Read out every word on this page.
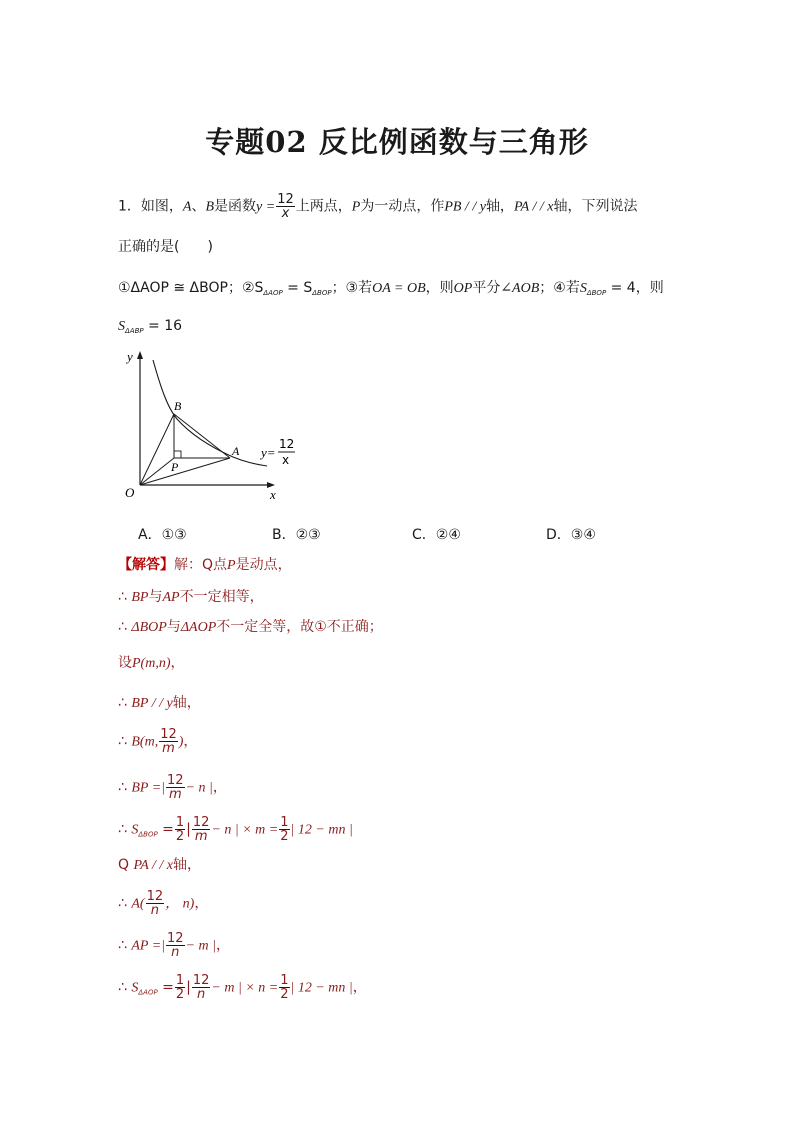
专题02 反比例函数与三角形
1．如图，A、B是函数$y = \frac{12}{x}$ 上两点，P为一动点，作PB / / y轴，PA / / x轴，下列说法
正确的是(　　)
①ΔAOP ≅ ΔBOP；$②S_{\Delta AOP} = S_{\Delta BOP}$；③若OA = OB，则OP平分∠AOB；④若$S_{\Delta BOP} = 4$，则
$S_{\Delta ABP} = 16$
y
x
O
B
A
P
y=
12
x
A．①③	B．②③	C．②④	D．③④
【解答】解：Q点P是动点，
∴ BP与AP不一定相等，
∴ ΔBOP与ΔAOP不一定全等，故①不正确；
设P(m,n)，
∴ BP / / y轴，
∴ B(m, $\frac{12}{m}$ )，
∴ BP =| $\frac{12}{m} - n$ |，
∴ $S_{\Delta BOP} = \frac{1}{2}$ | $\frac{12}{m} - n$ | × $m = \frac{1}{2}$ | 12 − mn |
Q PA / / x轴，
∴ $A( \frac{12}{n}$ ， n)，
∴ AP =| $\frac{12}{n} - m$ |，
∴ $S_{\Delta AOP} = \frac{1}{2}$ | $\frac{12}{n} - m$ | × $n = \frac{1}{2}$ | 12 − mn |，
